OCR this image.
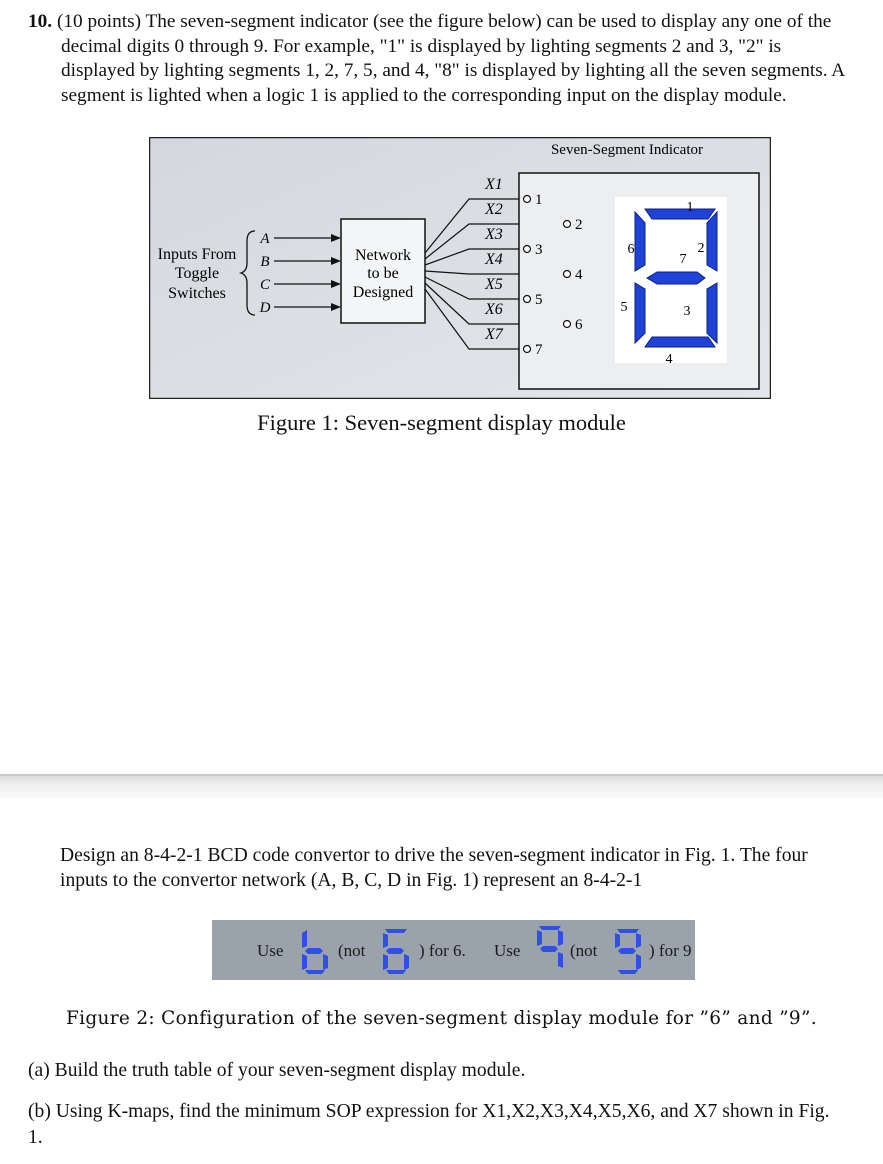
10. (10 points) The seven-segment indicator (see the figure below) can be used to display any one of the decimal digits 0 through 9. For example, "1" is displayed by lighting segments 2 and 3, "2" is displayed by lighting segments 1, 2, 7, 5, and 4, "8" is displayed by lighting all the seven segments. A segment is lighted when a logic 1 is applied to the corresponding input on the display module.
Inputs From
Toggle
Switches
A
B
C
D
Network
to be
Designed
X1
X2
X3
X4
X5
X6
X7
Seven-Segment Indicator
1
2
3
4
5
6
7
1
2
3
4
5
6
7
Figure 1: Seven-segment display module
Design an 8-4-2-1 BCD code convertor to drive the seven-segment indicator in Fig. 1. The four inputs to the convertor network (A, B, C, D in Fig. 1) represent an 8-4-2-1
Use	(not	) for 6. Use	(not	) for 9
Figure 2: Configuration of the seven-segment display module for ”6” and ”9”.
(a) Build the truth table of your seven-segment display module.
(b) Using K-maps, find the minimum SOP expression for X1,X2,X3,X4,X5,X6, and X7 shown in Fig. 1.
